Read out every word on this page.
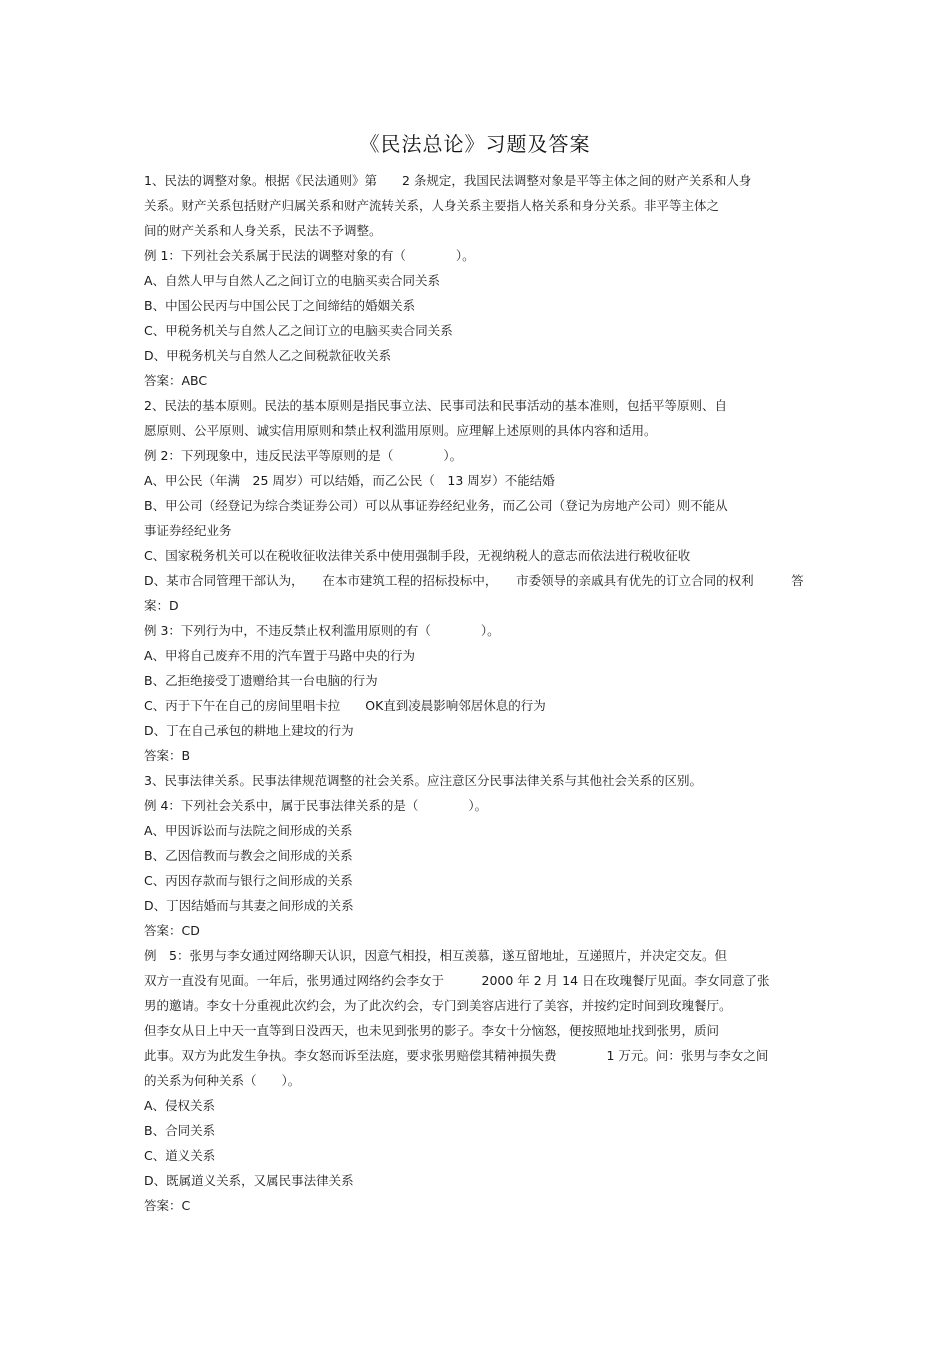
《民法总论》习题及答案
1、民法的调整对象。根据《民法通则》第　　2 条规定，我国民法调整对象是平等主体之间的财产关系和人身
关系。财产关系包括财产归属关系和财产流转关系，人身关系主要指人格关系和身分关系。非平等主体之
间的财产关系和人身关系，民法不予调整。
例 1：下列社会关系属于民法的调整对象的有（　　　　）。
A、自然人甲与自然人乙之间订立的电脑买卖合同关系
B、中国公民丙与中国公民丁之间缔结的婚姻关系
C、甲税务机关与自然人乙之间订立的电脑买卖合同关系
D、甲税务机关与自然人乙之间税款征收关系
答案：ABC
2、民法的基本原则。民法的基本原则是指民事立法、民事司法和民事活动的基本准则，包括平等原则、自
愿原则、公平原则、诚实信用原则和禁止权利滥用原则。应理解上述原则的具体内容和适用。
例 2：下列现象中，违反民法平等原则的是（　　　　）。
A、甲公民（年满　25 周岁）可以结婚，而乙公民（　13 周岁）不能结婚
B、甲公司（经登记为综合类证券公司）可以从事证券经纪业务，而乙公司（登记为房地产公司）则不能从
事证券经纪业务
C、国家税务机关可以在税收征收法律关系中使用强制手段，无视纳税人的意志而依法进行税收征收
D、某市合同管理干部认为，　　在本市建筑工程的招标投标中，　　市委领导的亲戚具有优先的订立合同的权利　　　答
案：D
例 3：下列行为中，不违反禁止权利滥用原则的有（　　　　）。
A、甲将自己废弃不用的汽车置于马路中央的行为
B、乙拒绝接受丁遗赠给其一台电脑的行为
C、丙于下午在自己的房间里唱卡拉　　OK直到凌晨影响邻居休息的行为
D、丁在自己承包的耕地上建坟的行为
答案：B
3、民事法律关系。民事法律规范调整的社会关系。应注意区分民事法律关系与其他社会关系的区别。
例 4：下列社会关系中，属于民事法律关系的是（　　　　）。
A、甲因诉讼而与法院之间形成的关系
B、乙因信教而与教会之间形成的关系
C、丙因存款而与银行之间形成的关系
D、丁因结婚而与其妻之间形成的关系
答案：CD
例　5：张男与李女通过网络聊天认识，因意气相投，相互羡慕，遂互留地址，互递照片，并决定交友。但
双方一直没有见面。一年后，张男通过网络约会李女于　　　2000 年 2 月 14 日在玫瑰餐厅见面。李女同意了张
男的邀请。李女十分重视此次约会，为了此次约会，专门到美容店进行了美容，并按约定时间到玫瑰餐厅。
但李女从日上中天一直等到日没西天，也未见到张男的影子。李女十分恼怒，便按照地址找到张男，质问
此事。双方为此发生争执。李女怒而诉至法庭，要求张男赔偿其精神损失费　　　　1 万元。问：张男与李女之间
的关系为何种关系（　　）。
A、侵权关系
B、合同关系
C、道义关系
D、既属道义关系，又属民事法律关系
答案：C
